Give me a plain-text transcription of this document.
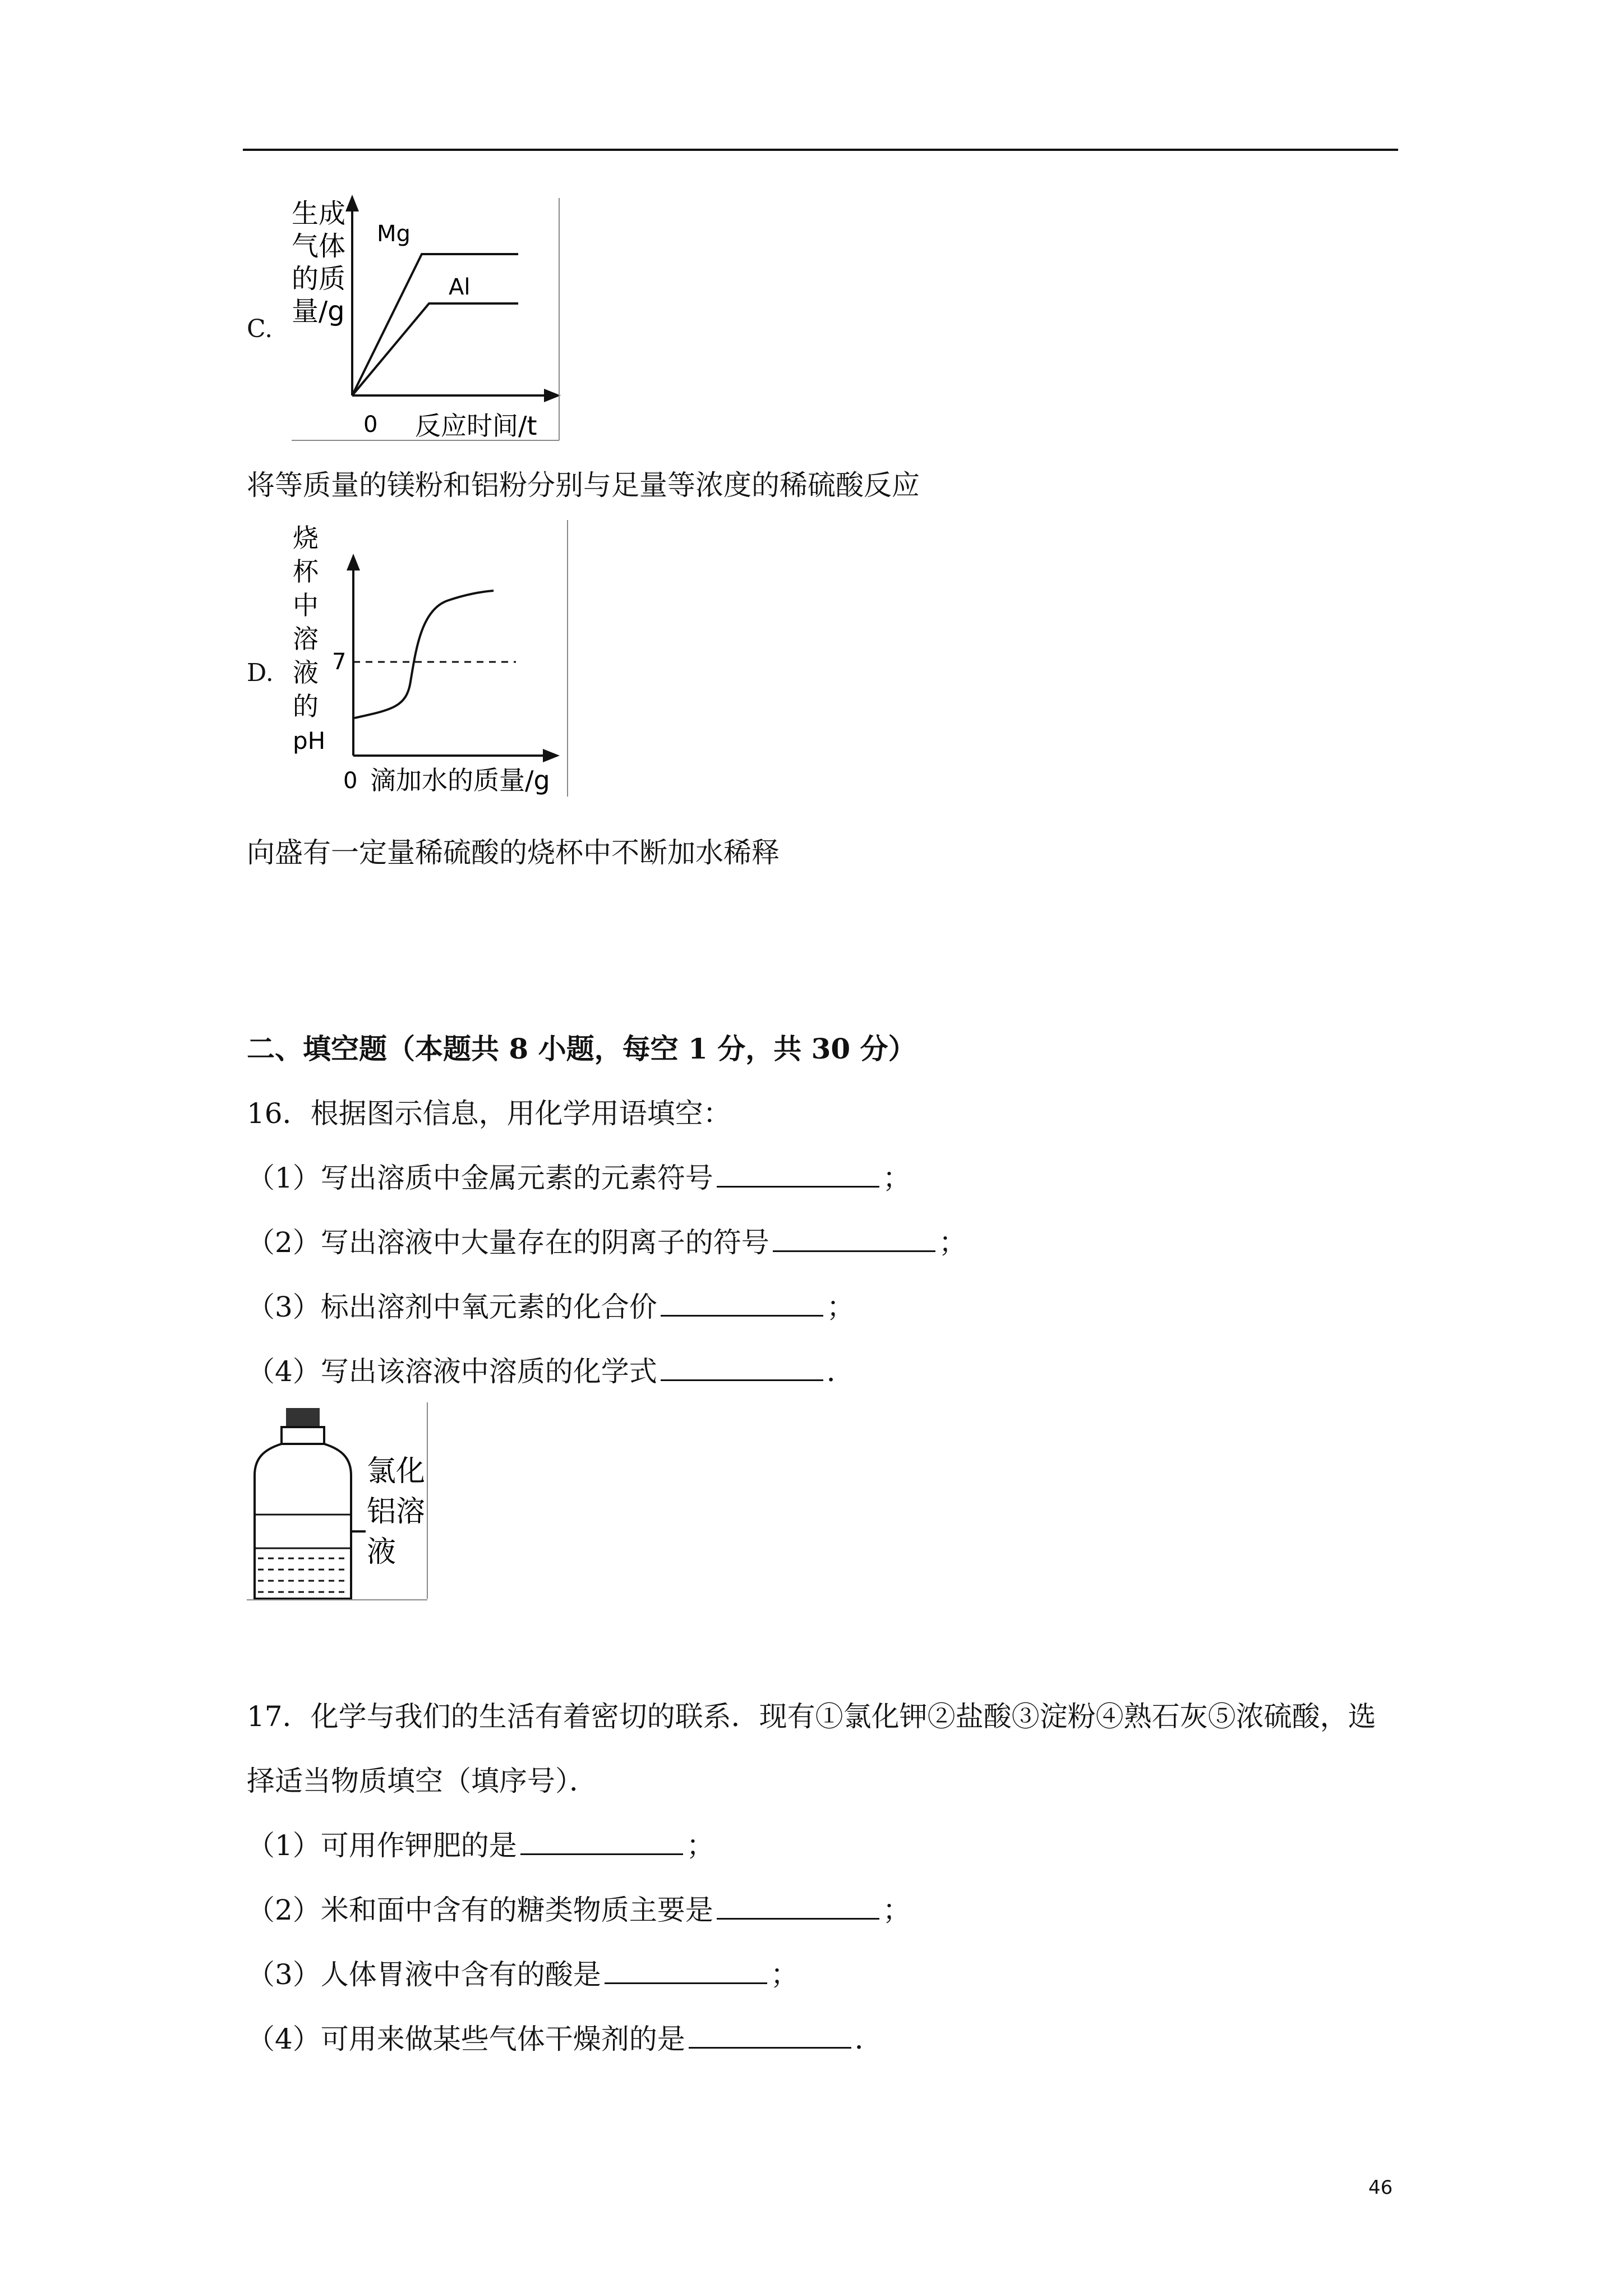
C.
生成
气体
的质
量/g
Mg
Al
0 反应时间/t
将等质量的镁粉和铝粉分别与足量等浓度的稀硫酸反应
D.
烧
杯
中
溶
液
的
pH
7
0 滴加水的质量/g
向盛有一定量稀硫酸的烧杯中不断加水稀释
二、填空题（本题共 8 小题，每空 1 分，共 30 分）
16．根据图示信息，用化学用语填空：
（1）写出溶质中金属元素的元素符号	；
（2）写出溶液中大量存在的阴离子的符号	；
（3）标出溶剂中氧元素的化合价	；
（4）写出该溶液中溶质的化学式	．
氯化
铝溶
液
17．化学与我们的生活有着密切的联系．现有①氯化钾②盐酸③淀粉④熟石灰⑤浓硫酸，选
择适当物质填空（填序号）．
（1）可用作钾肥的是	；
（2）米和面中含有的糖类物质主要是	；
（3）人体胃液中含有的酸是	；
（4）可用来做某些气体干燥剂的是	．
46
